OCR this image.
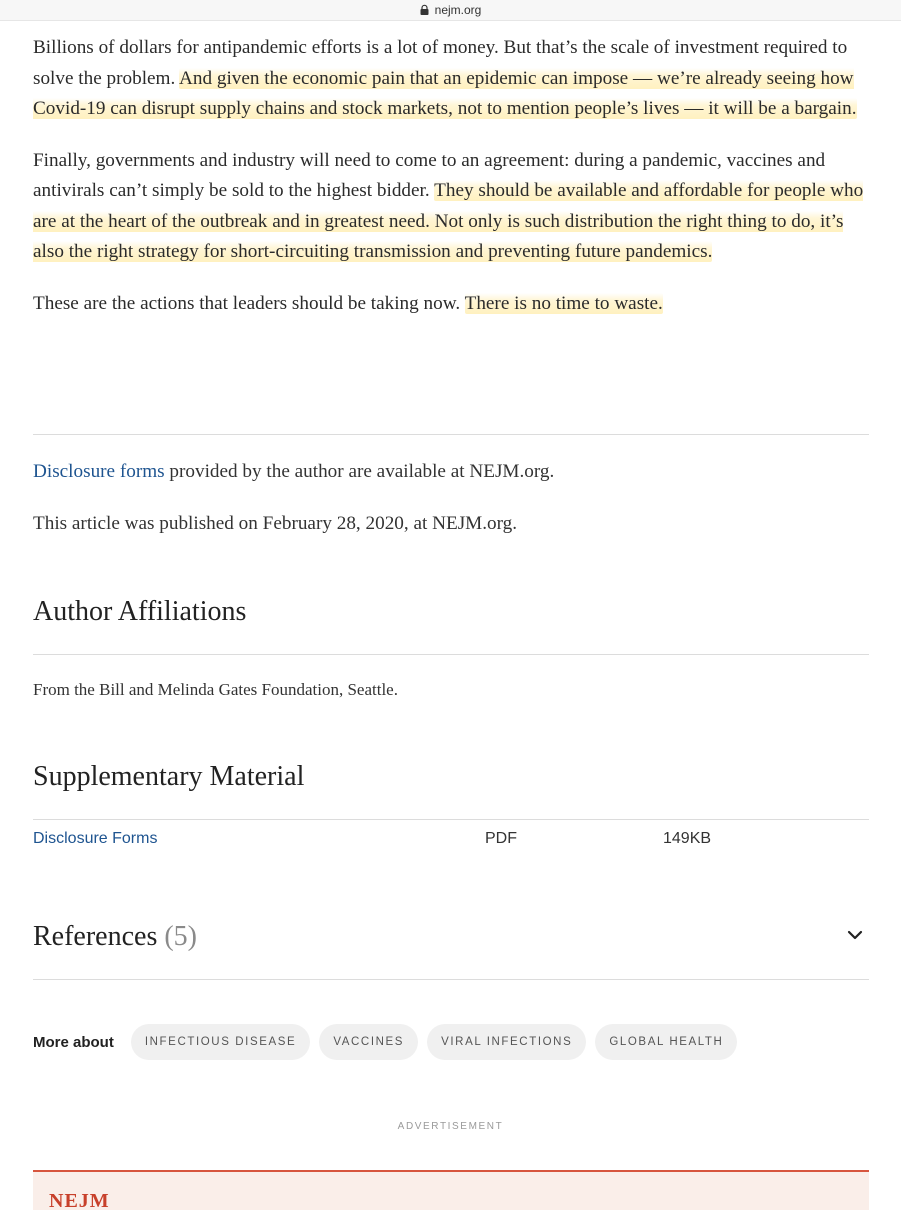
nejm.org

Billions of dollars for antipandemic efforts is a lot of money. But that’s the scale of investment required to solve the problem. And given the economic pain that an epidemic can impose — we’re already seeing how Covid-19 can disrupt supply chains and stock markets, not to mention people’s lives — it will be a bargain.

Finally, governments and industry will need to come to an agreement: during a pandemic, vaccines and antivirals can’t simply be sold to the highest bidder. They should be available and affordable for people who are at the heart of the outbreak and in greatest need. Not only is such distribution the right thing to do, it’s also the right strategy for short-circuiting transmission and preventing future pandemics.

These are the actions that leaders should be taking now. There is no time to waste.

Disclosure forms provided by the author are available at NEJM.org.
This article was published on February 28, 2020, at NEJM.org.
Author Affiliations
From the Bill and Melinda Gates Foundation, Seattle.
Supplementary Material
Disclosure Forms	PDF	149KB
References (5)
More about	INFECTIOUS DISEASE	VACCINES	VIRAL INFECTIONS	GLOBAL HEALTH
ADVERTISEMENT
NEJM
